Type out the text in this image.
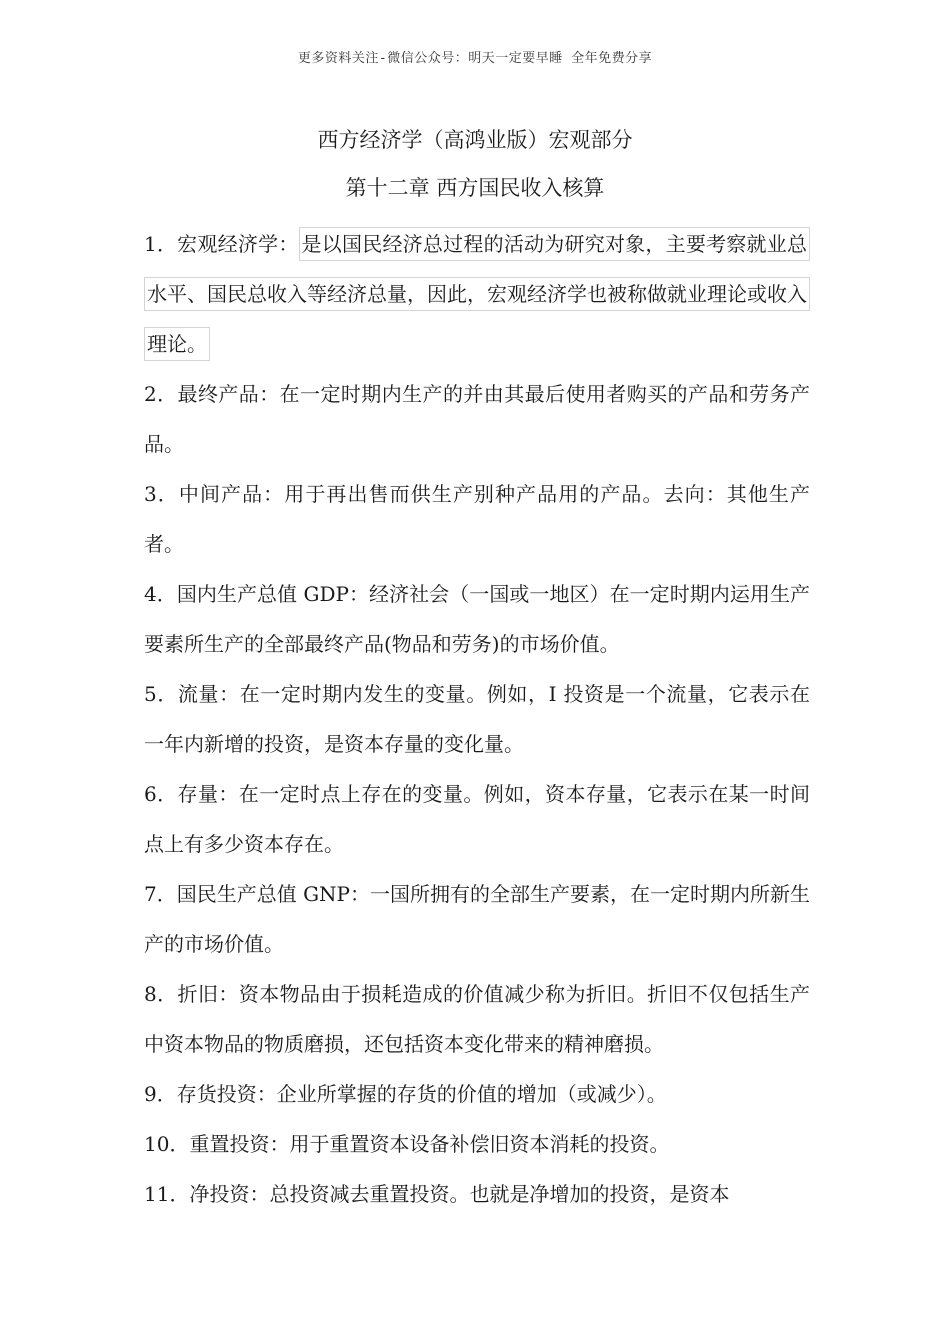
更多资料关注-微信公众号：明天一定要早睡 全年免费分享
西方经济学（高鸿业版）宏观部分
第十二章 西方国民收入核算

1．宏观经济学： 是以国民经济总过程的活动为研究对象，主要考察就业总水平、国民总收入等经济总量，因此，宏观经济学也被称做就业理论或收入理论。

2．最终产品：在一定时期内生产的并由其最后使用者购买的产品和劳务产品。

3．中间产品：用于再出售而供生产别种产品用的产品。去向：其他生产者。

4．国内生产总值 GDP：经济社会（一国或一地区）在一定时期内运用生产要素所生产的全部最终产品(物品和劳务)的市场价值。

5．流量：在一定时期内发生的变量。例如，I 投资是一个流量，它表示在一年内新增的投资，是资本存量的变化量。

6．存量：在一定时点上存在的变量。例如，资本存量，它表示在某一时间点上有多少资本存在。

7．国民生产总值 GNP：一国所拥有的全部生产要素，在一定时期内所新生产的市场价值。

8．折旧：资本物品由于损耗造成的价值减少称为折旧。折旧不仅包括生产中资本物品的物质磨损，还包括资本变化带来的精神磨损。

9．存货投资：企业所掌握的存货的价值的增加（或减少）。

10．重置投资：用于重置资本设备补偿旧资本消耗的投资。

11．净投资：总投资减去重置投资。也就是净增加的投资，是资本
